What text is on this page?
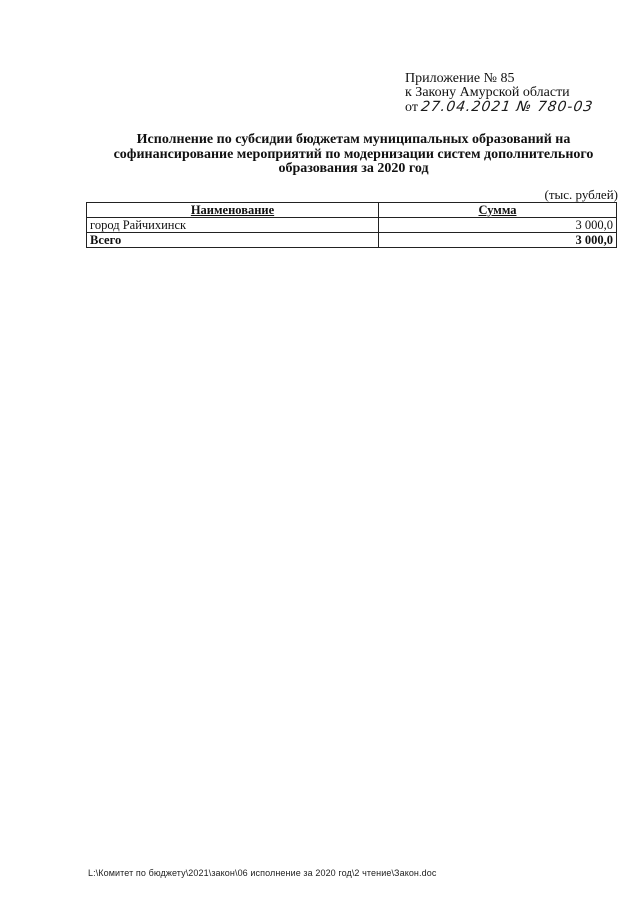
Приложение № 85
к Закону Амурской области
от 27.04.2021 № 780-03
Исполнение по субсидии бюджетам муниципальных образований на софинансирование мероприятий по модернизации систем дополнительного образования за 2020 год
(тыс. рублей)
Наименование	Сумма
город Райчихинск	3 000,0
Всего	3 000,0
L:\Комитет по бюджету\2021\закон\06 исполнение за 2020 год\2 чтение\Закон.doc
